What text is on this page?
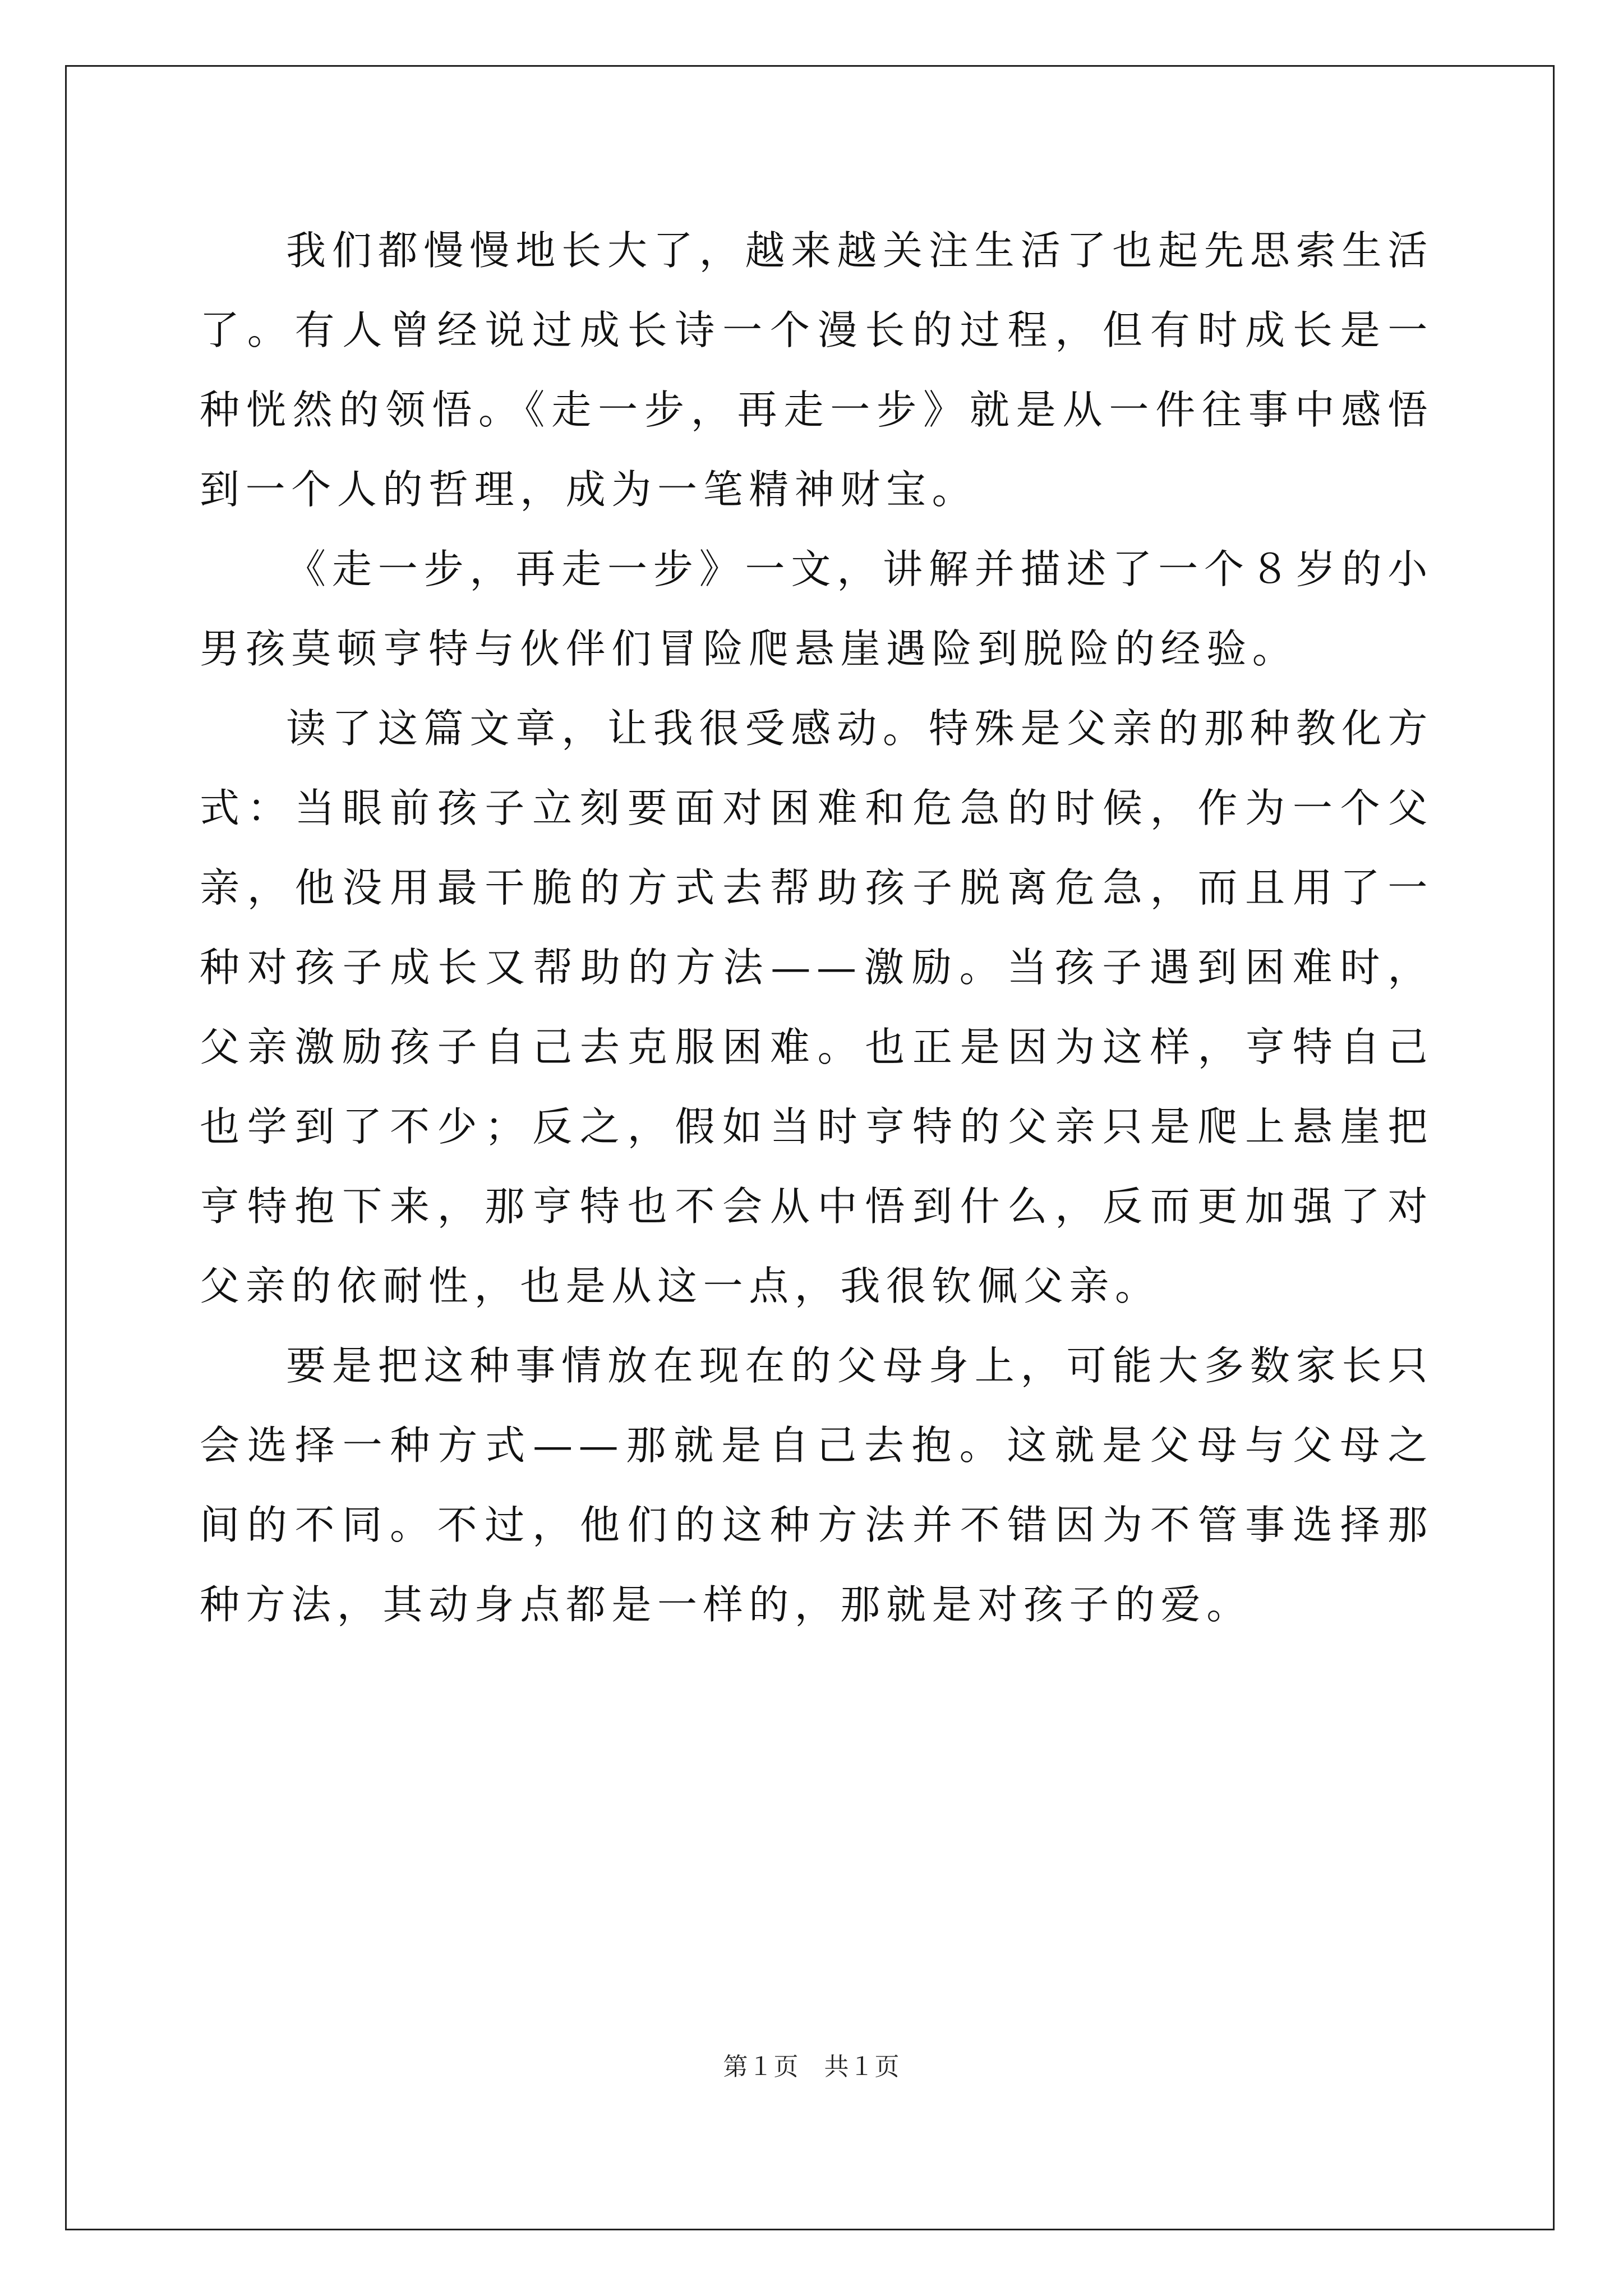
我们都慢慢地长大了，越来越关注生活了也起先思索生活了。有人曾经说过成长诗一个漫长的过程，但有时成长是一种恍然的领悟。《走一步，再走一步》就是从一件往事中感悟到一个人的哲理，成为一笔精神财宝。

《走一步，再走一步》一文，讲解并描述了一个８岁的小男孩莫顿亨特与伙伴们冒险爬悬崖遇险到脱险的经验。

读了这篇文章，让我很受感动。特殊是父亲的那种教化方式：当眼前孩子立刻要面对困难和危急的时候，作为一个父亲，他没用最干脆的方式去帮助孩子脱离危急，而且用了一种对孩子成长又帮助的方法——激励。当孩子遇到困难时，父亲激励孩子自己去克服困难。也正是因为这样，亨特自己也学到了不少；反之，假如当时亨特的父亲只是爬上悬崖把亨特抱下来，那亨特也不会从中悟到什么，反而更加强了对父亲的依耐性，也是从这一点，我很钦佩父亲。

要是把这种事情放在现在的父母身上，可能大多数家长只会选择一种方式——那就是自己去抱。这就是父母与父母之间的不同。不过，他们的这种方法并不错因为不管事选择那种方法，其动身点都是一样的，那就是对孩子的爱。

第１页　共１页
